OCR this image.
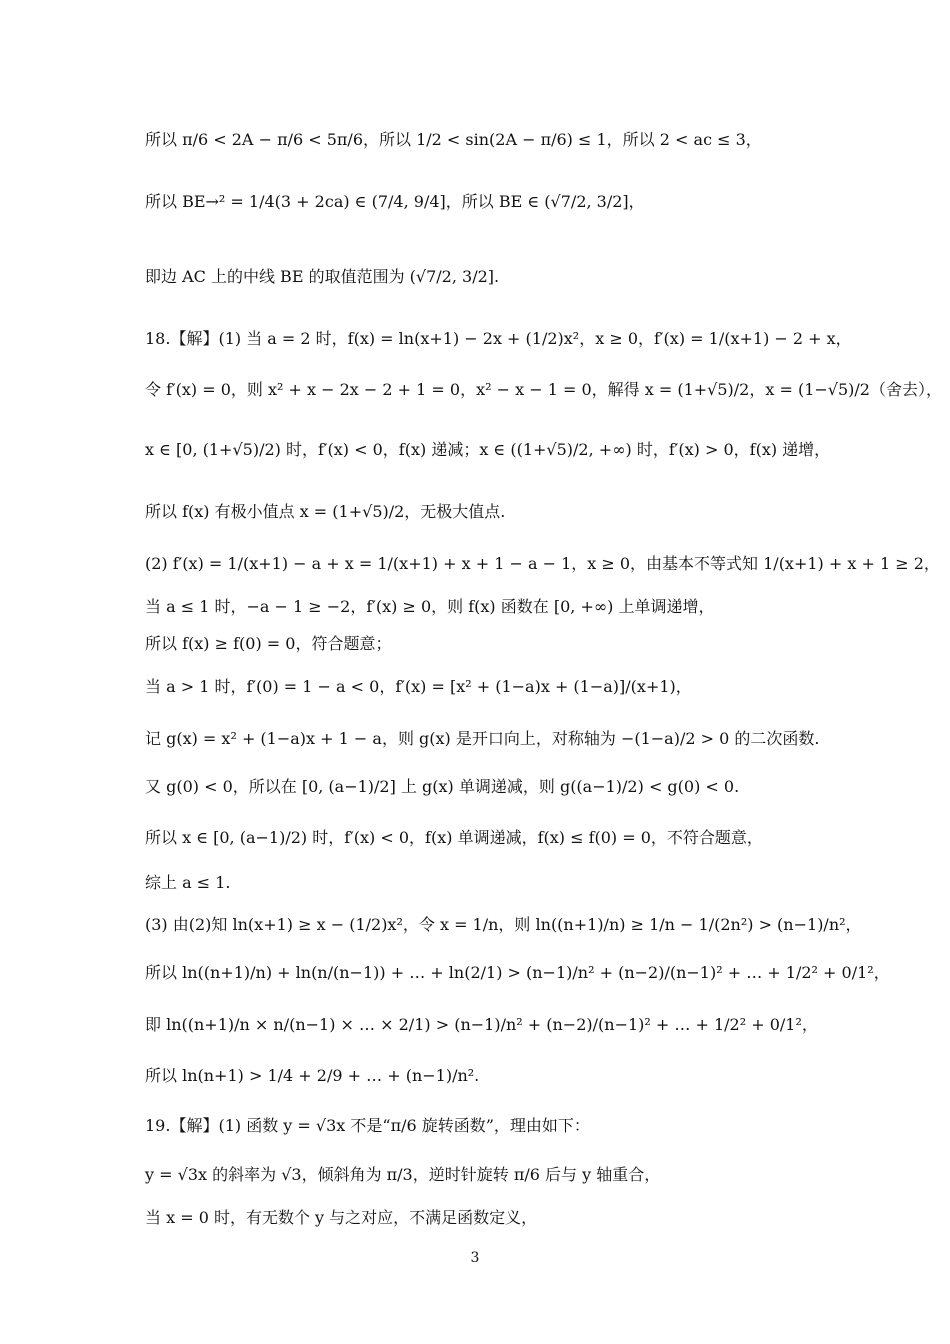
所以 π/6 < 2A − π/6 < 5π/6，所以 1/2 < sin(2A − π/6) ≤ 1，所以 2 < ac ≤ 3，
所以 BE→² = 1/4(3 + 2ca) ∈ (7/4, 9/4]，所以 BE ∈ (√7/2, 3/2]，
即边 AC 上的中线 BE 的取值范围为 (√7/2, 3/2].
18.【解】(1) 当 a = 2 时，f(x) = ln(x+1) − 2x + (1/2)x²，x ≥ 0，f′(x) = 1/(x+1) − 2 + x，
令 f′(x) = 0，则 x² + x − 2x − 2 + 1 = 0，x² − x − 1 = 0，解得 x = (1+√5)/2，x = (1−√5)/2（舍去），
x ∈ [0, (1+√5)/2) 时，f′(x) < 0，f(x) 递减；x ∈ ((1+√5)/2, +∞) 时，f′(x) > 0，f(x) 递增，
所以 f(x) 有极小值点 x = (1+√5)/2，无极大值点.
(2) f′(x) = 1/(x+1) − a + x = 1/(x+1) + x + 1 − a − 1，x ≥ 0，由基本不等式知 1/(x+1) + x + 1 ≥ 2，
当 a ≤ 1 时，−a − 1 ≥ −2，f′(x) ≥ 0，则 f(x) 函数在 [0, +∞) 上单调递增，
所以 f(x) ≥ f(0) = 0，符合题意；
当 a > 1 时，f′(0) = 1 − a < 0，f′(x) = [x² + (1−a)x + (1−a)]/(x+1)，
记 g(x) = x² + (1−a)x + 1 − a，则 g(x) 是开口向上，对称轴为 −(1−a)/2 > 0 的二次函数.
又 g(0) < 0，所以在 [0, (a−1)/2] 上 g(x) 单调递减，则 g((a−1)/2) < g(0) < 0.
所以 x ∈ [0, (a−1)/2) 时，f′(x) < 0，f(x) 单调递减，f(x) ≤ f(0) = 0，不符合题意，
综上 a ≤ 1.
(3) 由(2)知 ln(x+1) ≥ x − (1/2)x²，令 x = 1/n，则 ln((n+1)/n) ≥ 1/n − 1/(2n²) > (n−1)/n²，
所以 ln((n+1)/n) + ln(n/(n−1)) + … + ln(2/1) > (n−1)/n² + (n−2)/(n−1)² + … + 1/2² + 0/1²，
即 ln((n+1)/n × n/(n−1) × … × 2/1) > (n−1)/n² + (n−2)/(n−1)² + … + 1/2² + 0/1²，
所以 ln(n+1) > 1/4 + 2/9 + … + (n−1)/n².
19.【解】(1) 函数 y = √3x 不是“π/6 旋转函数”，理由如下：
y = √3x 的斜率为 √3，倾斜角为 π/3，逆时针旋转 π/6 后与 y 轴重合，
当 x = 0 时，有无数个 y 与之对应，不满足函数定义，
3
